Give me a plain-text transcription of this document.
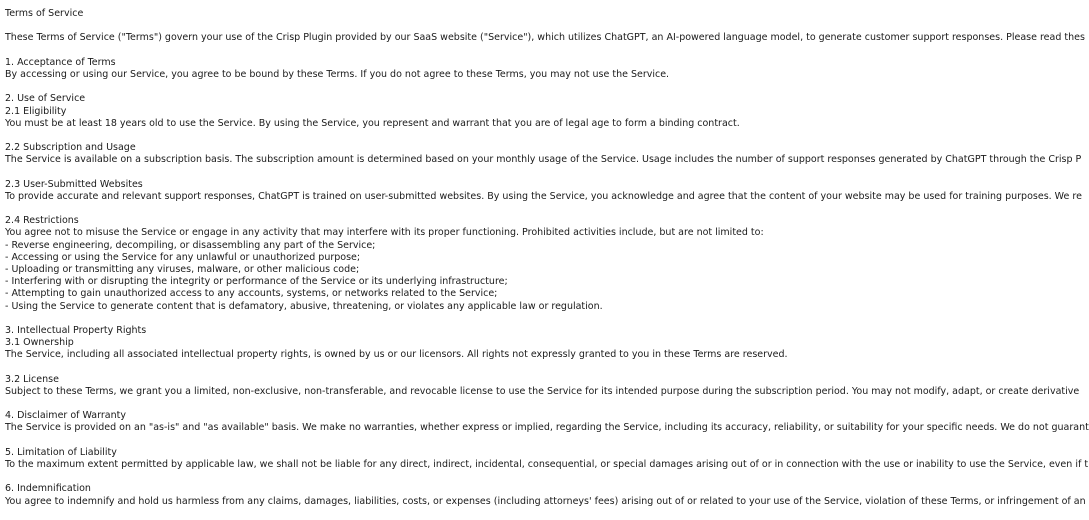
Terms of Service
These Terms of Service ("Terms") govern your use of the Crisp Plugin provided by our SaaS website ("Service"), which utilizes ChatGPT, an AI-powered language model, to generate customer support responses. Please read thes
1. Acceptance of Terms
By accessing or using our Service, you agree to be bound by these Terms. If you do not agree to these Terms, you may not use the Service.
2. Use of Service
2.1 Eligibility
You must be at least 18 years old to use the Service. By using the Service, you represent and warrant that you are of legal age to form a binding contract.
2.2 Subscription and Usage
The Service is available on a subscription basis. The subscription amount is determined based on your monthly usage of the Service. Usage includes the number of support responses generated by ChatGPT through the Crisp P
2.3 User-Submitted Websites
To provide accurate and relevant support responses, ChatGPT is trained on user-submitted websites. By using the Service, you acknowledge and agree that the content of your website may be used for training purposes. We re
2.4 Restrictions
You agree not to misuse the Service or engage in any activity that may interfere with its proper functioning. Prohibited activities include, but are not limited to:
- Reverse engineering, decompiling, or disassembling any part of the Service;
- Accessing or using the Service for any unlawful or unauthorized purpose;
- Uploading or transmitting any viruses, malware, or other malicious code;
- Interfering with or disrupting the integrity or performance of the Service or its underlying infrastructure;
- Attempting to gain unauthorized access to any accounts, systems, or networks related to the Service;
- Using the Service to generate content that is defamatory, abusive, threatening, or violates any applicable law or regulation.
3. Intellectual Property Rights
3.1 Ownership
The Service, including all associated intellectual property rights, is owned by us or our licensors. All rights not expressly granted to you in these Terms are reserved.
3.2 License
Subject to these Terms, we grant you a limited, non-exclusive, non-transferable, and revocable license to use the Service for its intended purpose during the subscription period. You may not modify, adapt, or create derivative
4. Disclaimer of Warranty
The Service is provided on an "as-is" and "as available" basis. We make no warranties, whether express or implied, regarding the Service, including its accuracy, reliability, or suitability for your specific needs. We do not guarant
5. Limitation of Liability
To the maximum extent permitted by applicable law, we shall not be liable for any direct, indirect, incidental, consequential, or special damages arising out of or in connection with the use or inability to use the Service, even if t
6. Indemnification
You agree to indemnify and hold us harmless from any claims, damages, liabilities, costs, or expenses (including attorneys' fees) arising out of or related to your use of the Service, violation of these Terms, or infringement of an
